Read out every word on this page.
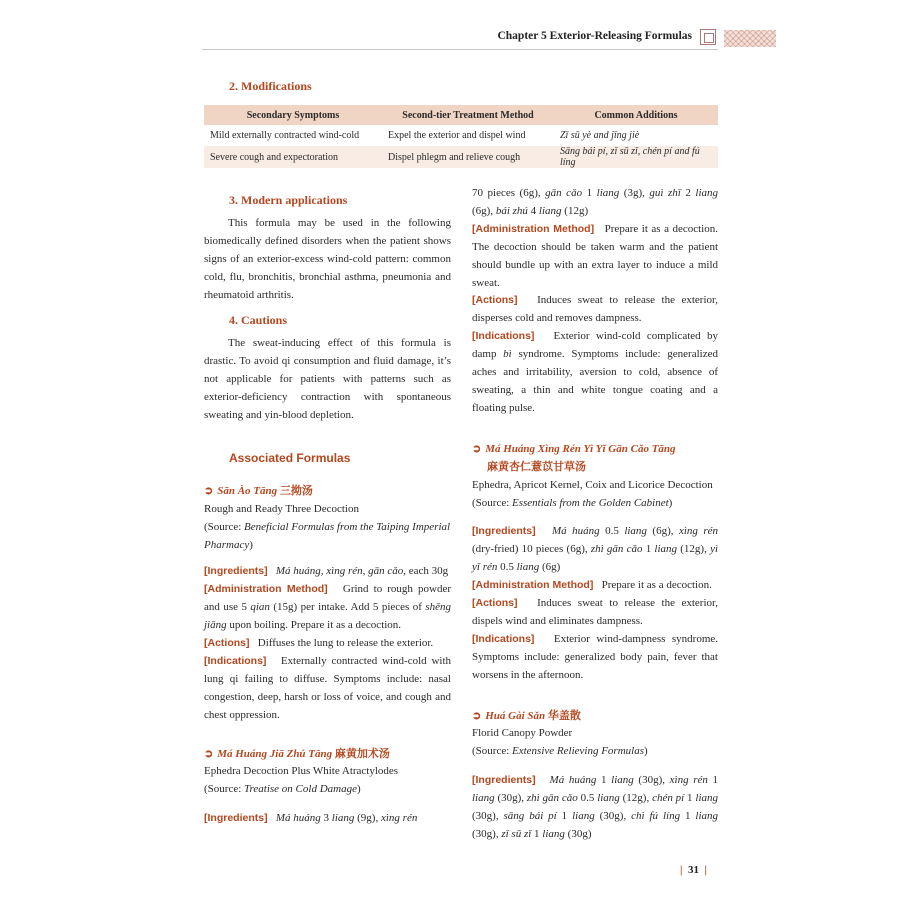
Chapter 5 Exterior-Releasing Formulas
2. Modifications
Secondary Symptoms	Second-tier Treatment Method	Common Additions
Mild externally contracted wind-cold	Expel the exterior and dispel wind	Zǐ sū yè and jīng jiè
Severe cough and expectoration	Dispel phlegm and relieve cough	Sāng bái pí, zǐ sū zǐ, chén pí and fú líng

3. Modern applications

This formula may be used in the following biomedically defined disorders when the patient shows signs of an exterior-excess wind-cold pattern: common cold, flu, bronchitis, bronchial asthma, pneumonia and rheumatoid arthritis.

4. Cautions

The sweat-inducing effect of this formula is drastic. To avoid qi consumption and fluid damage, it’s not applicable for patients with patterns such as exterior-deficiency contraction with spontaneous sweating and yin-blood depletion.

Associated Formulas

➲ Sān Ào Tāng 三拗汤

Rough and Ready Three Decoction

(Source: Beneficial Formulas from the Taiping Imperial Pharmacy)

[Ingredients] Má huáng, xìng rén, gān cǎo, each 30g

[Administration Method] Grind to rough powder and use 5 qian (15g) per intake. Add 5 pieces of shēng jiāng upon boiling. Prepare it as a decoction.

[Actions] Diffuses the lung to release the exterior.

[Indications] Externally contracted wind-cold with lung qi failing to diffuse. Symptoms include: nasal congestion, deep, harsh or loss of voice, and cough and chest oppression.

➲ Má Huáng Jiā Zhú Tāng 麻黄加术汤

Ephedra Decoction Plus White Atractylodes

(Source: Treatise on Cold Damage)

[Ingredients] Má huáng 3 liang (9g), xìng rén

70 pieces (6g), gān cǎo 1 liang (3g), guì zhī 2 liang (6g), bái zhú 4 liang (12g)

[Administration Method] Prepare it as a decoction. The decoction should be taken warm and the patient should bundle up with an extra layer to induce a mild sweat.

[Actions] Induces sweat to release the exterior, disperses cold and removes dampness.

[Indications] Exterior wind-cold complicated by damp bì syndrome. Symptoms include: generalized aches and irritability, aversion to cold, absence of sweating, a thin and white tongue coating and a floating pulse.

➲ Má Huáng Xìng Rén Yì Yǐ Gān Cǎo Tāng

麻黄杏仁薏苡甘草汤

Ephedra, Apricot Kernel, Coix and Licorice Decoction

(Source: Essentials from the Golden Cabinet)

[Ingredients] Má huáng 0.5 liang (6g), xìng rén (dry-fried) 10 pieces (6g), zhì gān cǎo 1 liang (12g), yì yǐ rén 0.5 liang (6g)

[Administration Method] Prepare it as a decoction.

[Actions] Induces sweat to release the exterior, dispels wind and eliminates dampness.

[Indications] Exterior wind-dampness syndrome. Symptoms include: generalized body pain, fever that worsens in the afternoon.

➲ Huá Gài Sǎn 华盖散

Florid Canopy Powder

(Source: Extensive Relieving Formulas)

[Ingredients] Má huáng 1 liang (30g), xìng rén 1 liang (30g), zhì gān cǎo 0.5 liang (12g), chén pí 1 liang (30g), sāng bái pí 1 liang (30g), chì fú líng 1 liang (30g), zǐ sū zǐ 1 liang (30g)

| 31 |
